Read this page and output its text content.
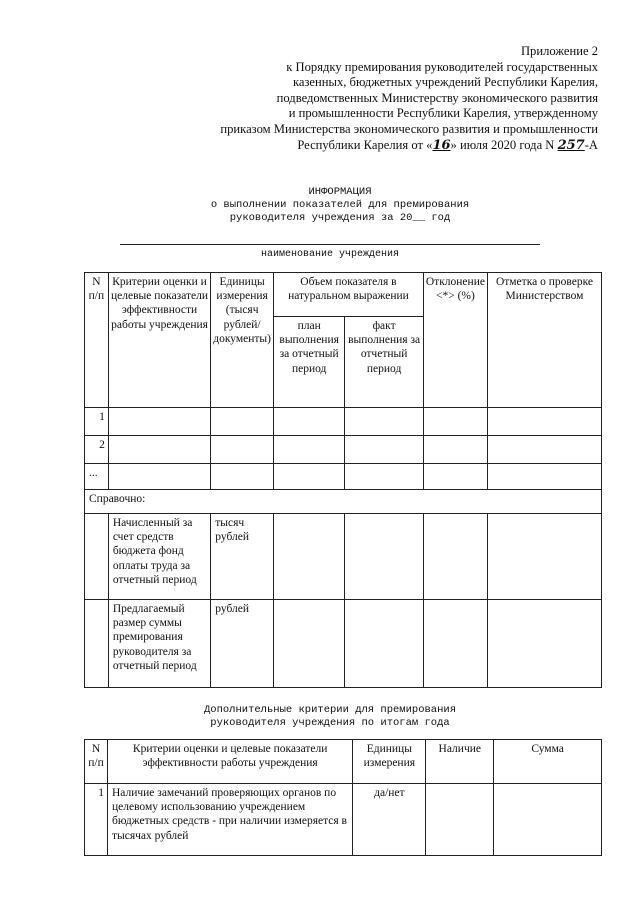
Приложение 2
к Порядку премирования руководителей государственных
казенных, бюджетных учреждений Республики Карелия,
подведомственных Министерству экономического развития
и промышленности Республики Карелия, утвержденному
приказом Министерства экономического развития и промышленности
Республики Карелия от «16» июля 2020 года N 257-А
ИНФОРМАЦИЯ
о выполнении показателей для премирования
руководителя учреждения за 20__ год
наименование учреждения
N п/п	Критерии оценки и целевые показатели эффективности работы учреждения	Единицы измерения (тысяч рублей/ документы)	Объем показателя в натуральном выражении		Отклонение <*> (%)	Отметка о проверке Министерством
			план выполнения за отчетный период	факт выполнения за отчетный период		
1						
2						
...						
Справочно:						
	Начисленный за счет средств бюджета фонд оплаты труда за отчетный период	тысяч рублей				
	Предлагаемый размер суммы премирования руководителя за отчетный период	рублей				
Дополнительные критерии для премирования
руководителя учреждения по итогам года
N п/п	Критерии оценки и целевые показатели эффективности работы учреждения	Единицы измерения	Наличие	Сумма
1	Наличие замечаний проверяющих органов по целевому использованию учреждением бюджетных средств - при наличии измеряется в тысячах рублей	да/нет		
